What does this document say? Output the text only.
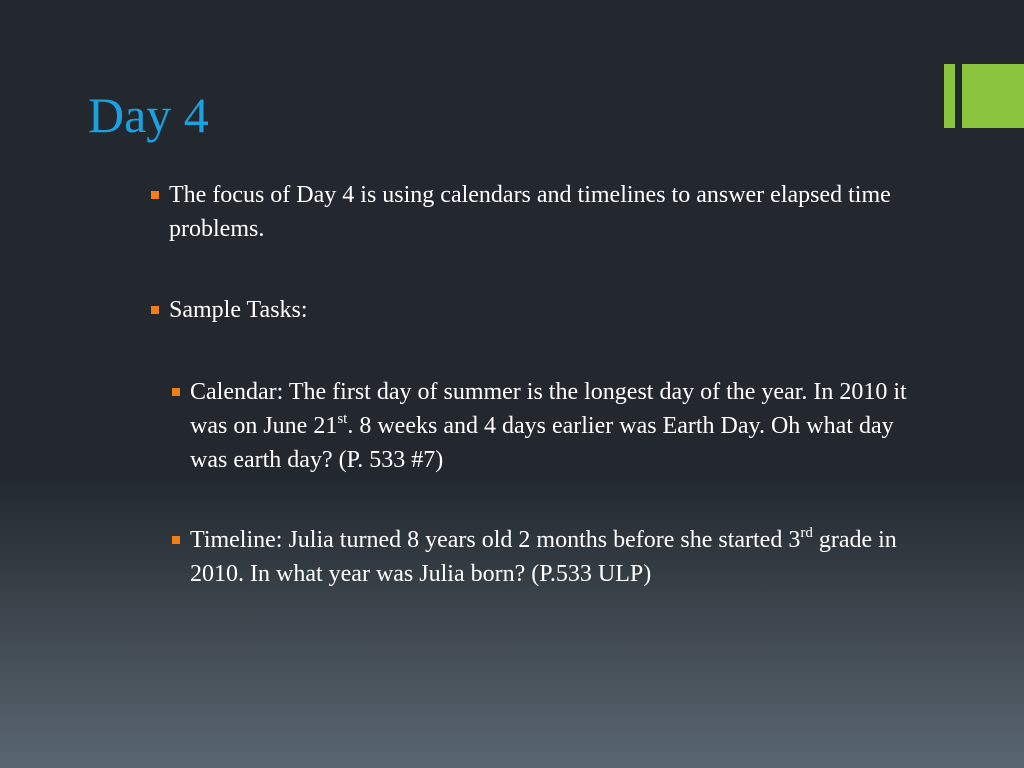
Day 4
The focus of Day 4 is using calendars and timelines to answer elapsed time problems.
Sample Tasks:
Calendar: The first day of summer is the longest day of the year. In 2010 it was on June 21st. 8 weeks and 4 days earlier was Earth Day. Oh what day was earth day? (P. 533 #7)
Timeline: Julia turned 8 years old 2 months before she started 3rd grade in 2010. In what year was Julia born? (P.533 ULP)
